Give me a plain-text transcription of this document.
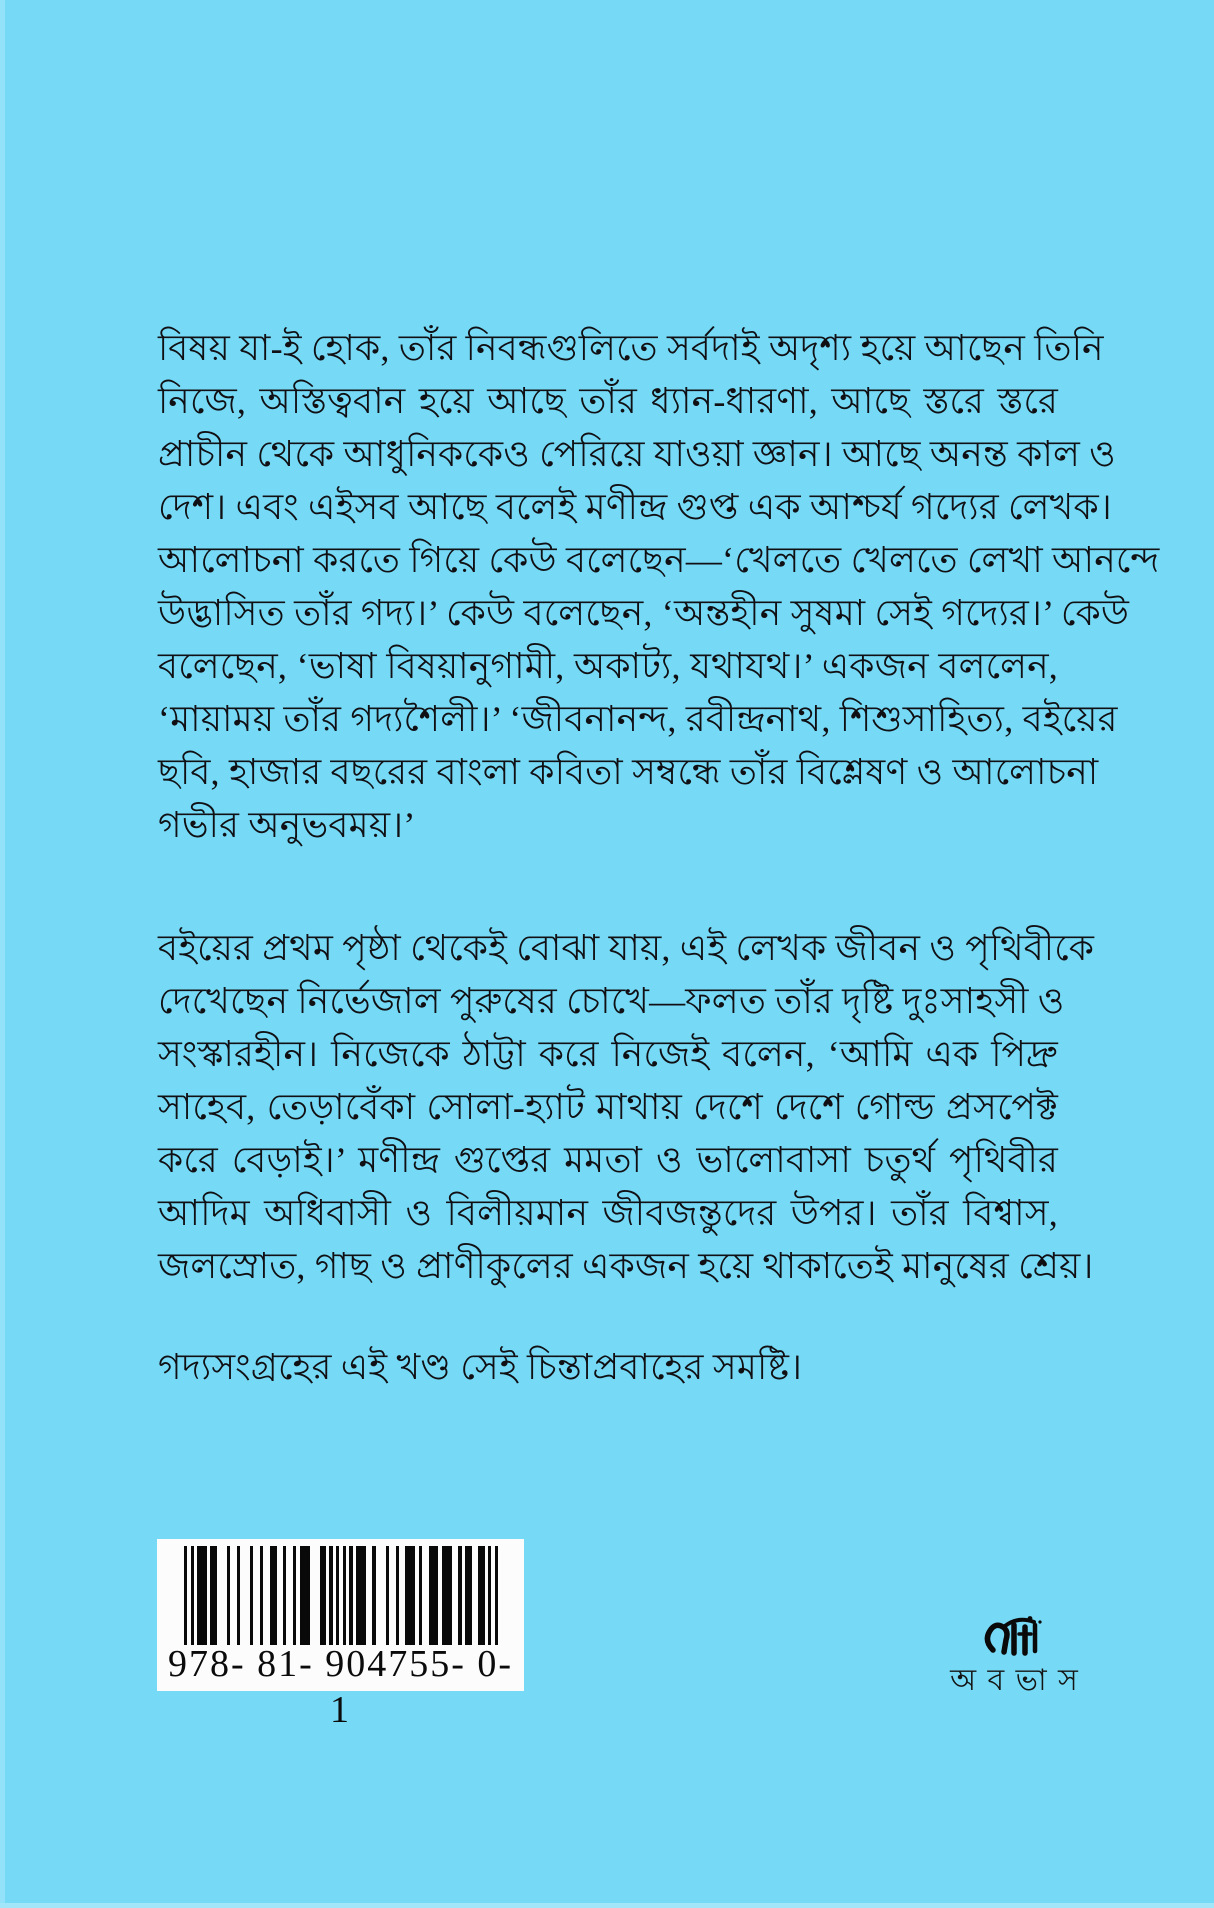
বিষয় যা-ই হোক, তাঁর নিবন্ধগুলিতে সর্বদাই অদৃশ্য হয়ে আছেন তিনি
নিজে, অস্তিত্ববান হয়ে আছে তাঁর ধ্যান-ধারণা, আছে স্তরে স্তরে
প্রাচীন থেকে আধুনিককেও পেরিয়ে যাওয়া জ্ঞান। আছে অনন্ত কাল ও
দেশ। এবং এইসব আছে বলেই মণীন্দ্র গুপ্ত এক আশ্চর্য গদ্যের লেখক।
আলোচনা করতে গিয়ে কেউ বলেছেন—‘খেলতে খেলতে লেখা আনন্দে
উদ্ভাসিত তাঁর গদ্য।’ কেউ বলেছেন, ‘অন্তহীন সুষমা সেই গদ্যের।’ কেউ
বলেছেন, ‘ভাষা বিষয়ানুগামী, অকাট্য, যথাযথ।’ একজন বললেন,
‘মায়াময় তাঁর গদ্যশৈলী।’ ‘জীবনানন্দ, রবীন্দ্রনাথ, শিশুসাহিত্য, বইয়ের
ছবি, হাজার বছরের বাংলা কবিতা সম্বন্ধে তাঁর বিশ্লেষণ ও আলোচনা
গভীর অনুভবময়।’
বইয়ের প্রথম পৃষ্ঠা থেকেই বোঝা যায়, এই লেখক জীবন ও পৃথিবীকে
দেখেছেন নির্ভেজাল পুরুষের চোখে—ফলত তাঁর দৃষ্টি দুঃসাহসী ও
সংস্কারহীন। নিজেকে ঠাট্টা করে নিজেই বলেন, ‘আমি এক পিদ্রু
সাহেব, তেড়াবেঁকা সোলা-হ্যাট মাথায় দেশে দেশে গোল্ড প্রসপেক্ট
করে বেড়াই।’ মণীন্দ্র গুপ্তের মমতা ও ভালোবাসা চতুর্থ পৃথিবীর
আদিম অধিবাসী ও বিলীয়মান জীবজন্তুদের উপর। তাঁর বিশ্বাস,
জলস্রোত, গাছ ও প্রাণীকুলের একজন হয়ে থাকাতেই মানুষের শ্রেয়।
গদ্যসংগ্রহের এই খণ্ড সেই চিন্তাপ্রবাহের সমষ্টি।
978- 81- 904755- 0- 1
অবভাস
